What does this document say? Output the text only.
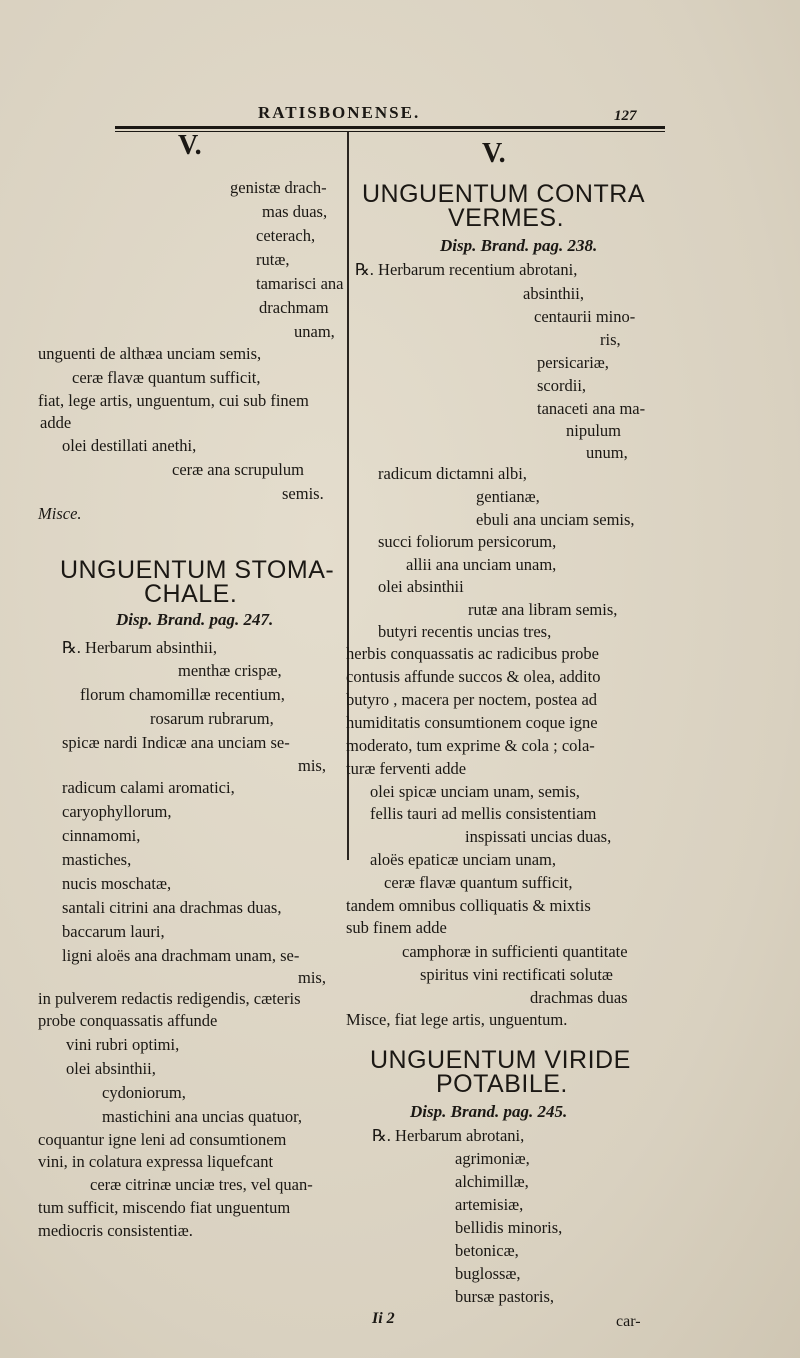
RATISBONENSE.	127
V.	V.
genistæ drach-
mas duas,
ceterach,
rutæ,
tamarisci ana
drachmam
unam,
unguenti de althæa unciam semis,
ceræ flavæ quantum sufficit,
fiat, lege artis, unguentum, cui sub finem
adde
olei destillati anethi,
ceræ ana scrupulum
semis.
Misce.
UNGUENTUM STOMA-
CHALE.
Disp. Brand. pag. 247.
℞. Herbarum absinthii,
menthæ crispæ,
florum chamomillæ recentium,
rosarum rubrarum,
spicæ nardi Indicæ ana unciam se-
mis,
radicum calami aromatici,
caryophyllorum,
cinnamomi,
mastiches,
nucis moschatæ,
santali citrini ana drachmas duas,
baccarum lauri,
ligni aloës ana drachmam unam, se-
mis,
in pulverem redactis redigendis, cæteris
probe conquassatis affunde
vini rubri optimi,
olei absinthii,
cydoniorum,
mastichini ana uncias quatuor,
coquantur igne leni ad consumtionem
vini, in colatura expressa liquefcant
ceræ citrinæ unciæ tres, vel quan-
tum sufficit, miscendo fiat unguentum
mediocris consistentiæ.
UNGUENTUM CONTRA
VERMES.
Disp. Brand. pag. 238.
℞. Herbarum recentium abrotani,
absinthii,
centaurii mino-
ris,
persicariæ,
scordii,
tanaceti ana ma-
nipulum
unum,
radicum dictamni albi,
gentianæ,
ebuli ana unciam semis,
succi foliorum persicorum,
allii ana unciam unam,
olei absinthii
rutæ ana libram semis,
butyri recentis uncias tres,
herbis conquassatis ac radicibus probe
contusis affunde succos & olea, addito
butyro , macera per noctem, postea ad
humiditatis consumtionem coque igne
moderato, tum exprime & cola ; cola-
turæ ferventi adde
olei spicæ unciam unam, semis,
fellis tauri ad mellis consistentiam
inspissati uncias duas,
aloës epaticæ unciam unam,
ceræ flavæ quantum sufficit,
tandem omnibus colliquatis & mixtis
sub finem adde
camphoræ in sufficienti quantitate
spiritus vini rectificati solutæ
drachmas duas
Misce, fiat lege artis, unguentum.
UNGUENTUM VIRIDE
POTABILE.
Disp. Brand. pag. 245.
℞. Herbarum abrotani,
agrimoniæ,
alchimillæ,
artemisiæ,
bellidis minoris,
betonicæ,
buglossæ,
bursæ pastoris,
Ii 2	car-
